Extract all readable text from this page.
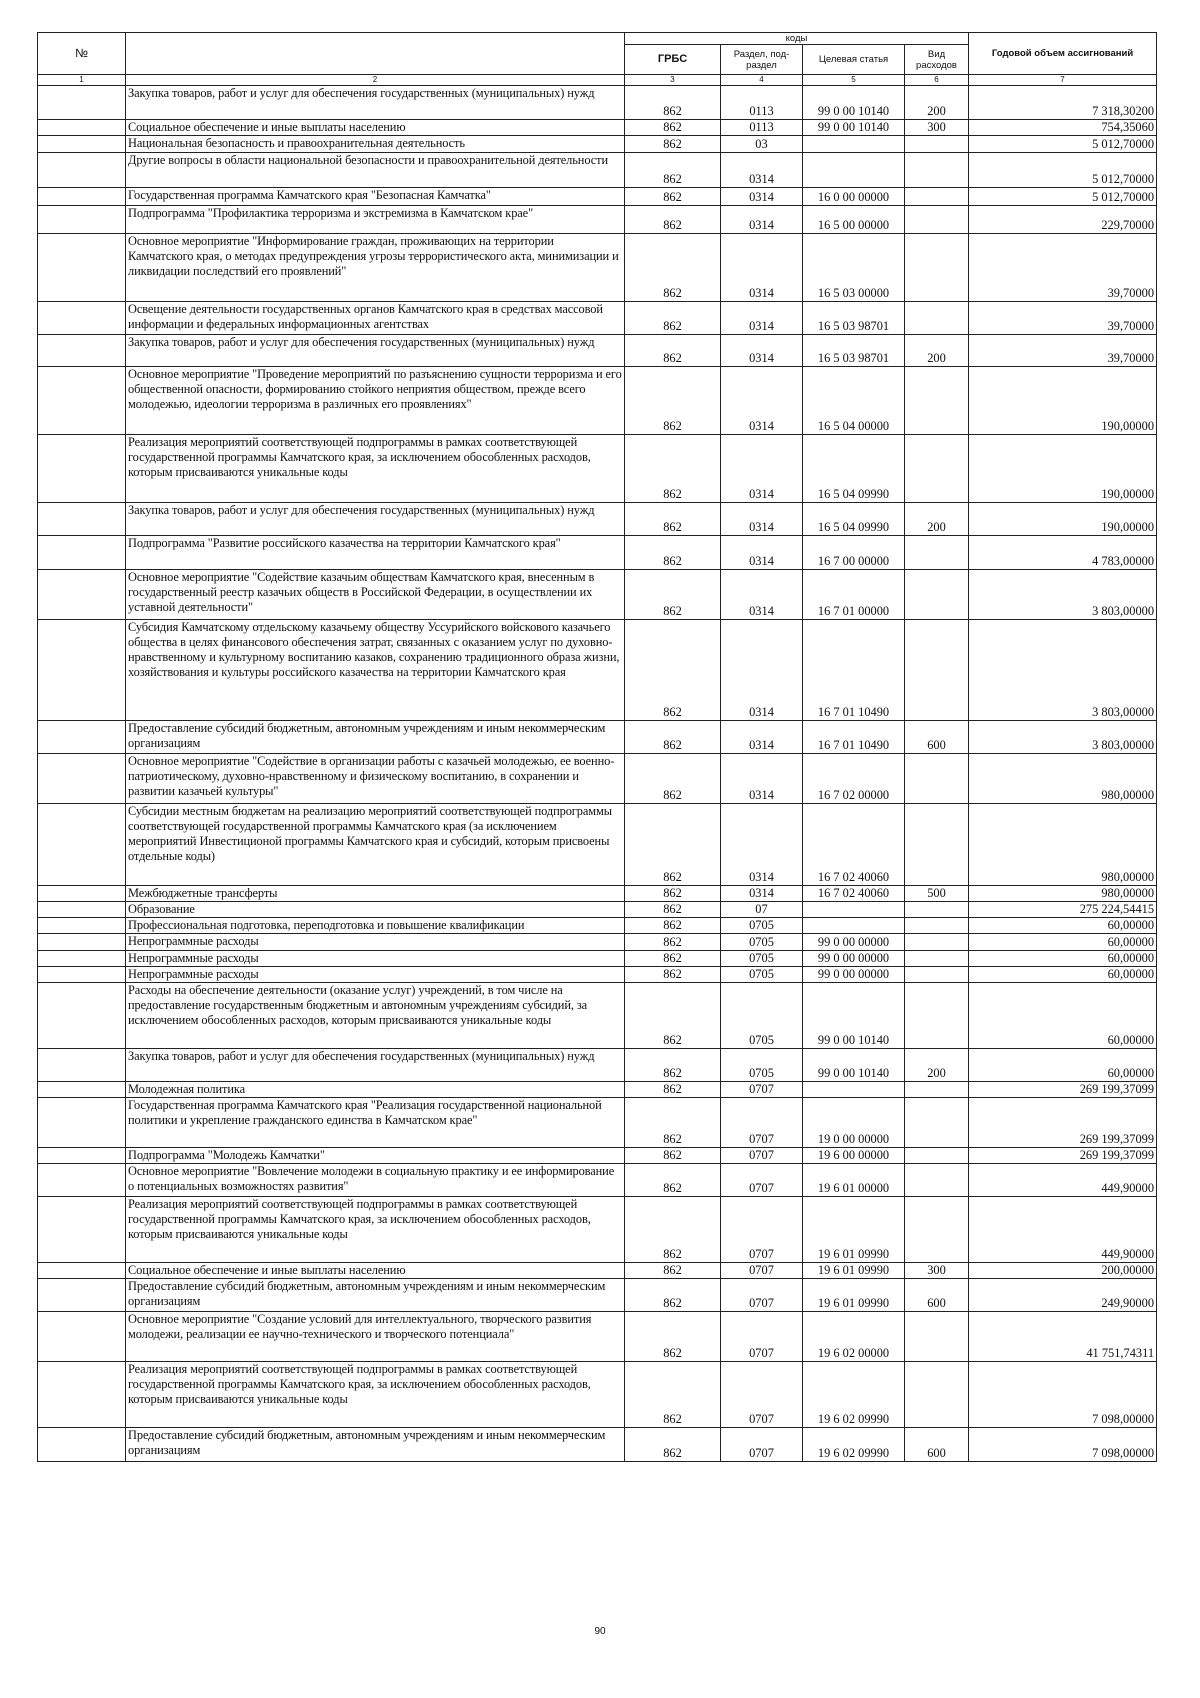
№		коды				Годовой объем ассигнований
		ГРБС	Раздел, под-раздел	Целевая статья	Вид расходов	
1	2	3	4	5	6	7
	Закупка товаров, работ и услуг для обеспечения государственных (муниципальных) нужд	862	0113	99 0 00 10140	200	7 318,30200
	Социальное обеспечение и иные выплаты населению	862	0113	99 0 00 10140	300	754,35060
	Национальная безопасность и правоохранительная деятельность	862	03			5 012,70000
	Другие вопросы в области национальной безопасности и правоохранительной деятельности	862	0314			5 012,70000
	Государственная программа Камчатского края "Безопасная Камчатка"	862	0314	16 0 00 00000		5 012,70000
	Подпрограмма "Профилактика терроризма и экстремизма в Камчатском крае"	862	0314	16 5 00 00000		229,70000
	Основное мероприятие "Информирование граждан, проживающих на территории Камчатского края, о методах предупреждения угрозы террористического акта, минимизации и ликвидации последствий его проявлений"	862	0314	16 5 03 00000		39,70000
	Освещение деятельности государственных органов Камчатского края в средствах массовой информации и федеральных информационных агентствах	862	0314	16 5 03 98701		39,70000
	Закупка товаров, работ и услуг для обеспечения государственных (муниципальных) нужд	862	0314	16 5 03 98701	200	39,70000
	Основное мероприятие "Проведение мероприятий по разъяснению сущности терроризма и его общественной опасности, формированию стойкого неприятия обществом, прежде всего молодежью, идеологии терроризма в различных его проявлениях"	862	0314	16 5 04 00000		190,00000
	Реализация мероприятий соответствующей подпрограммы в рамках соответствующей государственной программы Камчатского края, за исключением обособленных расходов, которым присваиваются уникальные коды	862	0314	16 5 04 09990		190,00000
	Закупка товаров, работ и услуг для обеспечения государственных (муниципальных) нужд	862	0314	16 5 04 09990	200	190,00000
	Подпрограмма "Развитие российского казачества на территории Камчатского края"	862	0314	16 7 00 00000		4 783,00000
	Основное мероприятие "Содействие казачьим обществам Камчатского края, внесенным в государственный реестр казачьих обществ в Российской Федерации, в осуществлении их уставной деятельности"	862	0314	16 7 01 00000		3 803,00000
	Субсидия Камчатскому отдельскому казачьему обществу Уссурийского войскового казачьего общества в целях финансового обеспечения затрат, связанных с оказанием услуг по духовно-нравственному и культурному воспитанию казаков, сохранению традиционного образа жизни, хозяйствования и культуры российского казачества на территории Камчатского края	862	0314	16 7 01 10490		3 803,00000
	Предоставление субсидий бюджетным, автономным учреждениям и иным некоммерческим организациям	862	0314	16 7 01 10490	600	3 803,00000
	Основное мероприятие "Содействие в организации работы с казачьей молодежью, ее военно-патриотическому, духовно-нравственному и физическому воспитанию, в сохранении и развитии казачьей культуры"	862	0314	16 7 02 00000		980,00000
	Субсидии местным бюджетам на реализацию мероприятий соответствующей подпрограммы соответствующей государственной программы Камчатского края (за исключением мероприятий Инвестиционой программы Камчатского края и субсидий, которым присвоены отдельные коды)	862	0314	16 7 02 40060		980,00000
	Межбюджетные трансферты	862	0314	16 7 02 40060	500	980,00000
	Образование	862	07			275 224,54415
	Профессиональная подготовка, переподготовка и повышение квалификации	862	0705			60,00000
	Непрограммные расходы	862	0705	99 0 00 00000		60,00000
	Непрограммные расходы	862	0705	99 0 00 00000		60,00000
	Непрограммные расходы	862	0705	99 0 00 00000		60,00000
	Расходы на обеспечение деятельности (оказание услуг) учреждений, в том числе на предоставление государственным бюджетным и автономным учреждениям субсидий, за исключением обособленных расходов, которым присваиваются уникальные коды	862	0705	99 0 00 10140		60,00000
	Закупка товаров, работ и услуг для обеспечения государственных (муниципальных) нужд	862	0705	99 0 00 10140	200	60,00000
	Молодежная политика	862	0707			269 199,37099
	Государственная программа Камчатского края "Реализация государственной национальной политики и укрепление гражданского единства в Камчатском крае"	862	0707	19 0 00 00000		269 199,37099
	Подпрограмма "Молодежь Камчатки"	862	0707	19 6 00 00000		269 199,37099
	Основное мероприятие "Вовлечение молодежи в социальную практику и ее информирование о потенциальных возможностях развития"	862	0707	19 6 01 00000		449,90000
	Реализация мероприятий соответствующей подпрограммы в рамках соответствующей государственной программы Камчатского края, за исключением обособленных расходов, которым присваиваются уникальные коды	862	0707	19 6 01 09990		449,90000
	Социальное обеспечение и иные выплаты населению	862	0707	19 6 01 09990	300	200,00000
	Предоставление субсидий бюджетным, автономным учреждениям и иным некоммерческим организациям	862	0707	19 6 01 09990	600	249,90000
	Основное мероприятие "Создание условий для интеллектуального, творческого развития молодежи, реализации ее научно-технического и творческого потенциала"	862	0707	19 6 02 00000		41 751,74311
	Реализация мероприятий соответствующей подпрограммы в рамках соответствующей государственной программы Камчатского края, за исключением обособленных расходов, которым присваиваются уникальные коды	862	0707	19 6 02 09990		7 098,00000
	Предоставление субсидий бюджетным, автономным учреждениям и иным некоммерческим организациям	862	0707	19 6 02 09990	600	7 098,00000
90
